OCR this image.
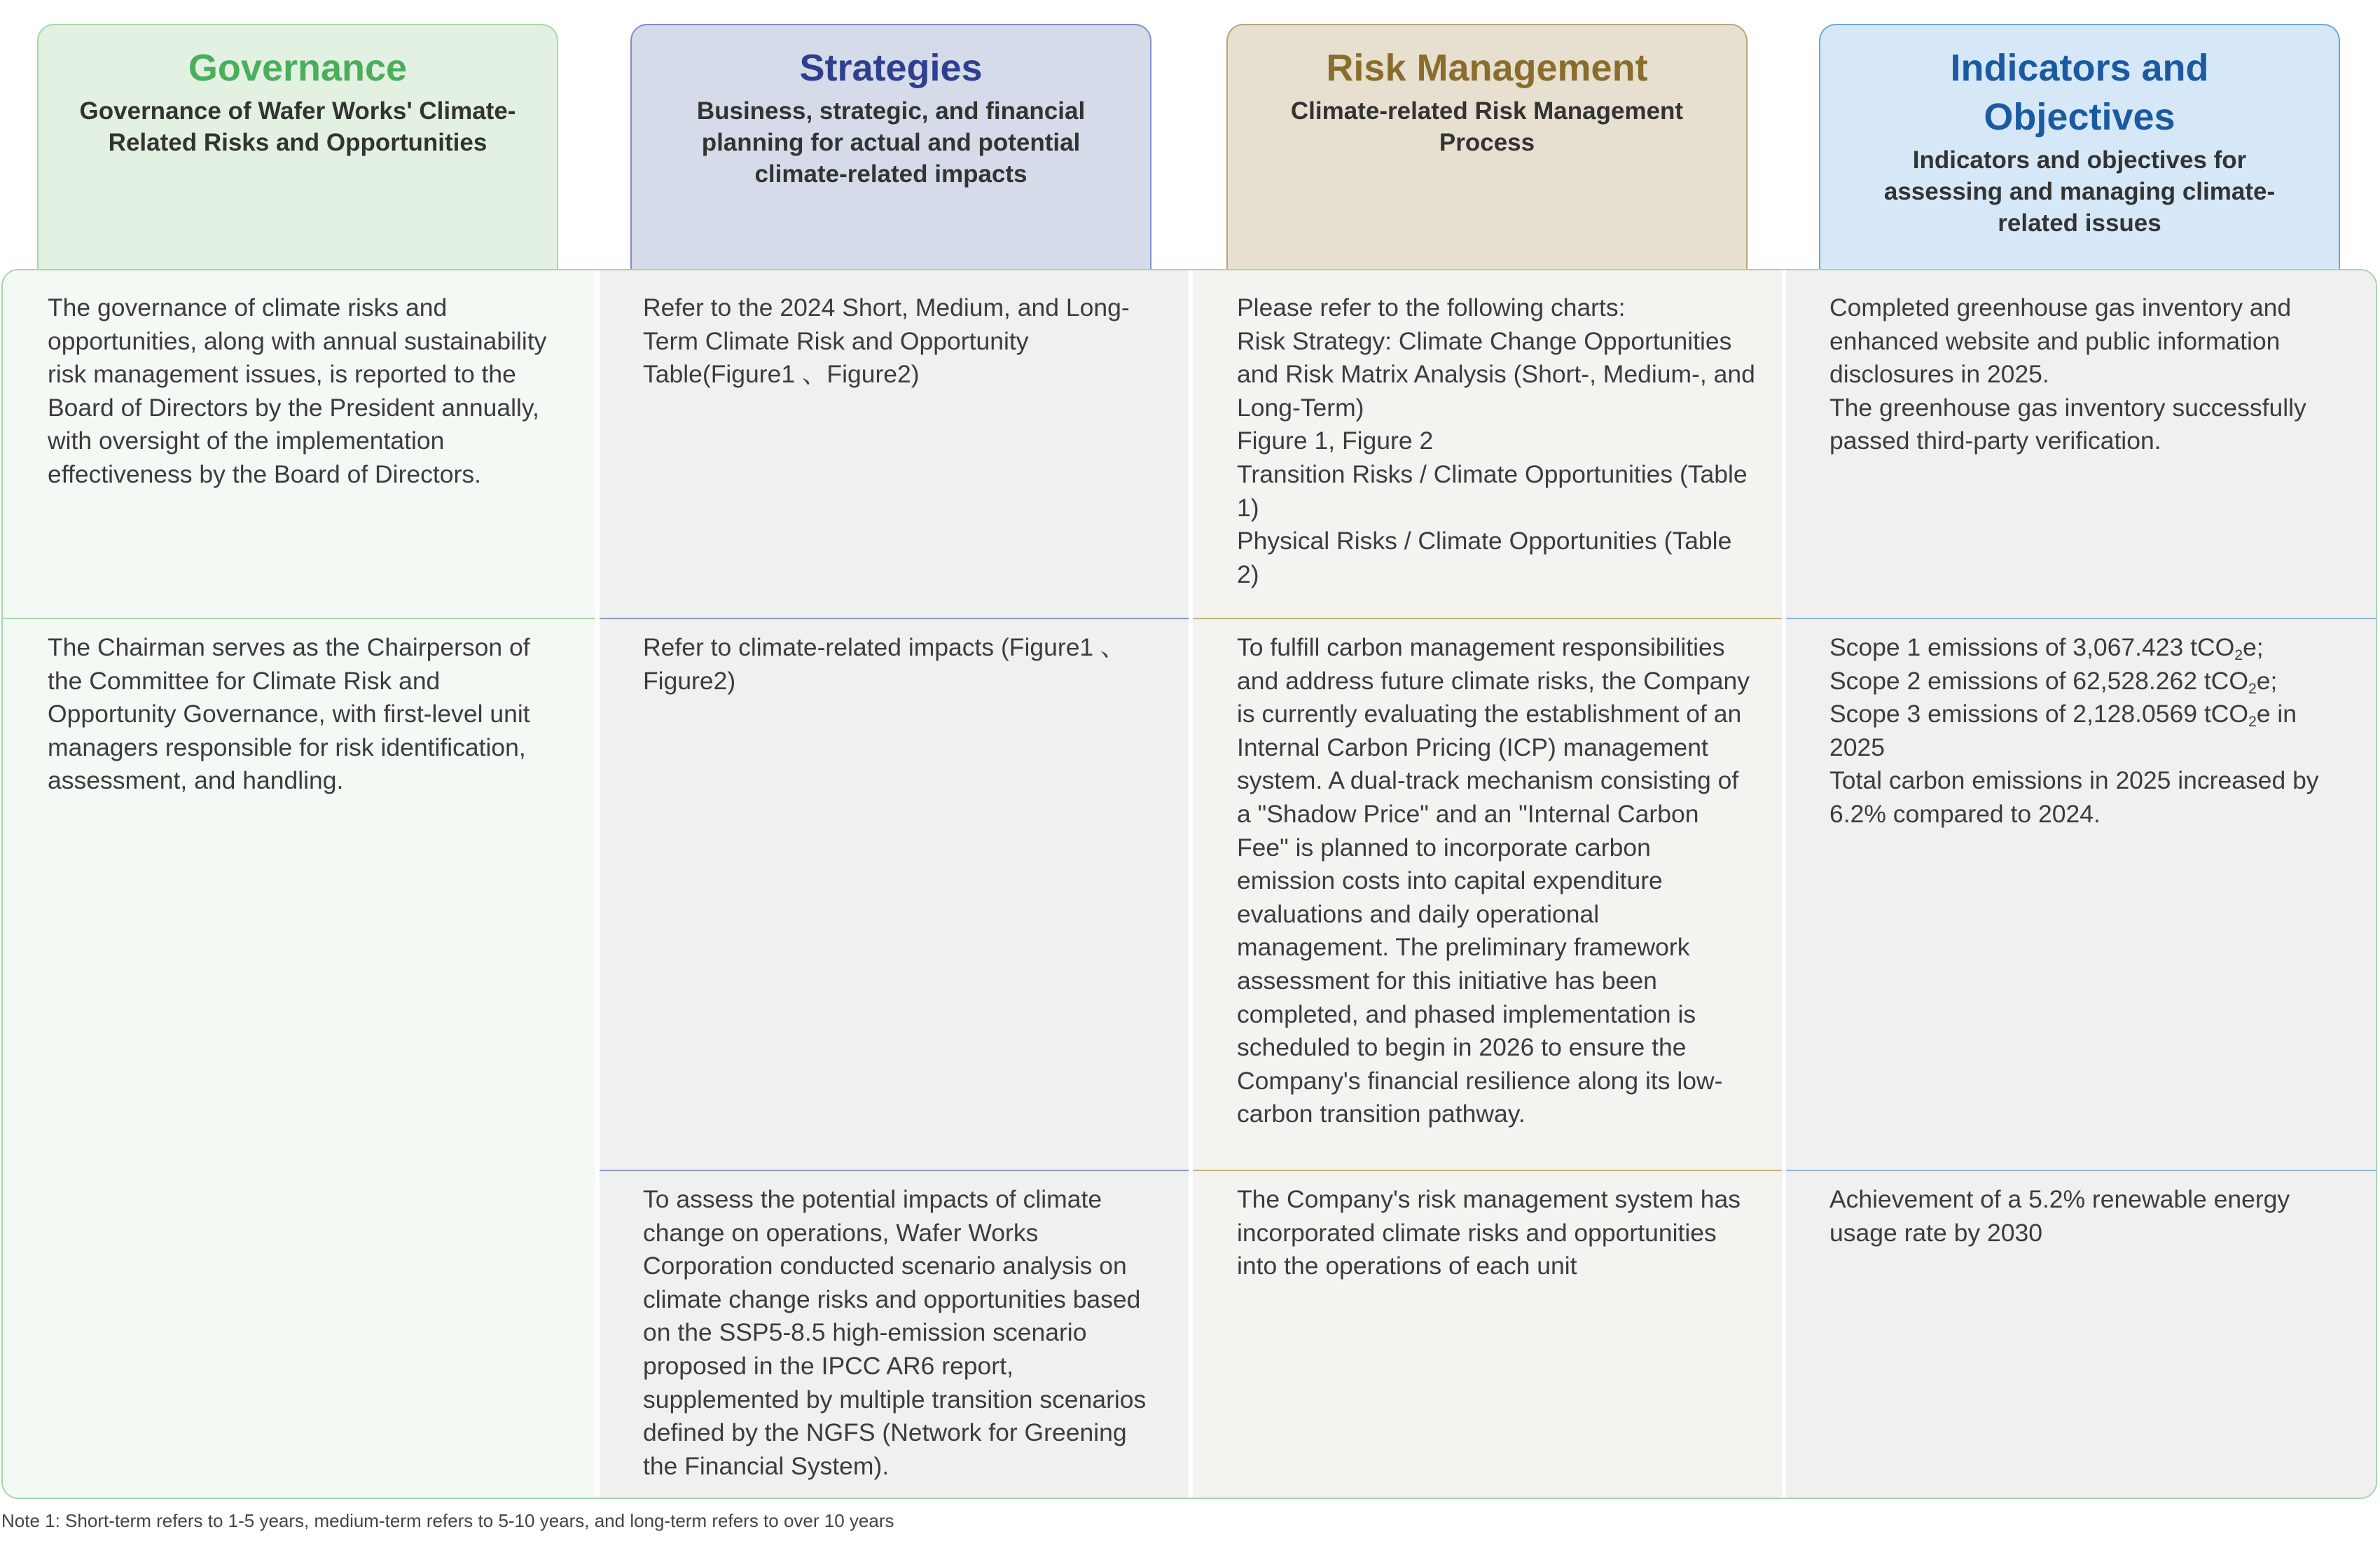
Governance
Governance of Wafer Works' Climate-Related Risks and Opportunities
Strategies
Business, strategic, and financial planning for actual and potential climate-related impacts
Risk Management
Climate-related Risk Management Process
Indicators and Objectives
Indicators and objectives for assessing and managing climate-related issues
The governance of climate risks and opportunities, along with annual sustainability risk management issues, is reported to the Board of Directors by the President annually, with oversight of the implementation effectiveness by the Board of Directors.
Refer to the 2024 Short, Medium, and Long-Term Climate Risk and Opportunity Table(Figure1 、Figure2)
Please refer to the following charts:
Risk Strategy: Climate Change Opportunities and Risk Matrix Analysis (Short-, Medium-, and Long-Term)
Figure 1, Figure 2
Transition Risks / Climate Opportunities (Table 1)
Physical Risks / Climate Opportunities (Table 2)
Completed greenhouse gas inventory and enhanced website and public information disclosures in 2025.
The greenhouse gas inventory successfully passed third-party verification.
The Chairman serves as the Chairperson of the Committee for Climate Risk and Opportunity Governance, with first-level unit managers responsible for risk identification, assessment, and handling.
Refer to climate-related impacts (Figure1 、Figure2)
To fulfill carbon management responsibilities and address future climate risks, the Company is currently evaluating the establishment of an Internal Carbon Pricing (ICP) management system. A dual-track mechanism consisting of a "Shadow Price" and an "Internal Carbon Fee" is planned to incorporate carbon emission costs into capital expenditure evaluations and daily operational management. The preliminary framework assessment for this initiative has been completed, and phased implementation is scheduled to begin in 2026 to ensure the Company's financial resilience along its low-carbon transition pathway.
Scope 1 emissions of 3,067.423 tCO$_2$e;
Scope 2 emissions of 62,528.262 tCO$_2$e;
Scope 3 emissions of 2,128.0569 tCO$_2$e in 2025
Total carbon emissions in 2025 increased by 6.2% compared to 2024.
To assess the potential impacts of climate change on operations, Wafer Works Corporation conducted scenario analysis on climate change risks and opportunities based on the SSP5-8.5 high-emission scenario proposed in the IPCC AR6 report, supplemented by multiple transition scenarios defined by the NGFS (Network for Greening the Financial System).
The Company's risk management system has incorporated climate risks and opportunities into the operations of each unit
Achievement of a 5.2% renewable energy usage rate by 2030
Note 1: Short-term refers to 1-5 years, medium-term refers to 5-10 years, and long-term refers to over 10 years
